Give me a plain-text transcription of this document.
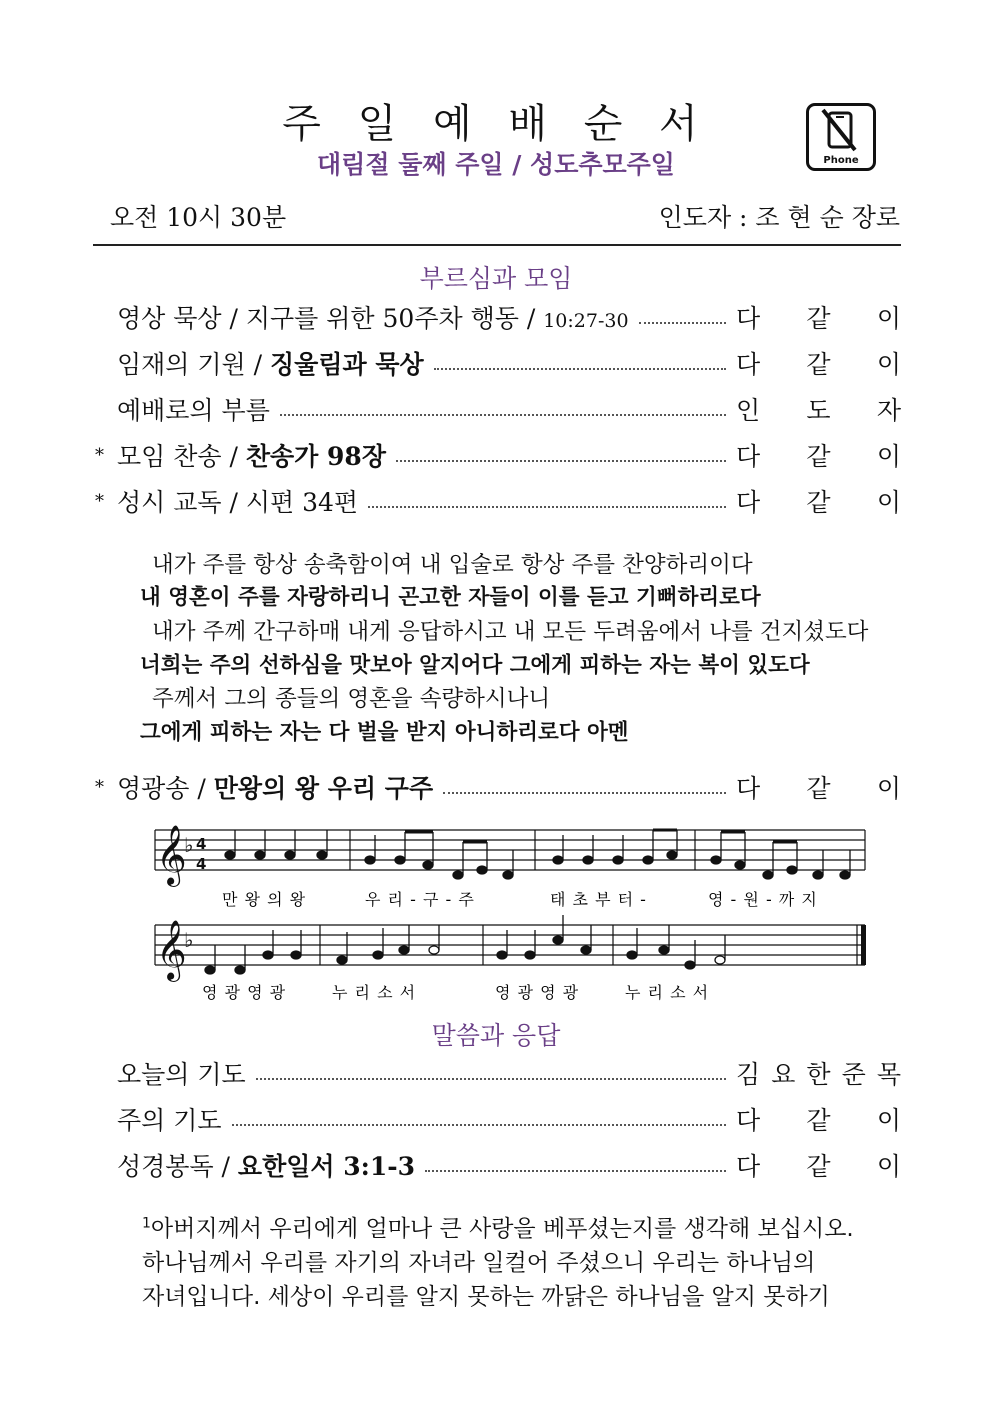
주 일 예 배 순 서
대림절 둘째 주일 / 성도추모주일	Phone
오전 10시 30분	인도자 : 조 현 순 장로
부르심과 모임
영상 묵상 / 지구를 위한 50주차 행동 / 10:27-30	다 같 이
임재의 기원 / 징울림과 묵상	다 같 이
예배로의 부름	인 도 자
* 모임 찬송 / 찬송가 98장	다 같 이
* 성시 교독 / 시편 34편	다 같 이
내가 주를 항상 송축함이여 내 입술로 항상 주를 찬양하리이다
내 영혼이 주를 자랑하리니 곤고한 자들이 이를 듣고 기뻐하리로다
내가 주께 간구하매 내게 응답하시고 내 모든 두려움에서 나를 건지셨도다
너희는 주의 선하심을 맛보아 알지어다 그에게 피하는 자는 복이 있도다
주께서 그의 종들의 영혼을 속량하시나니
그에게 피하는 자는 다 벌을 받지 아니하리로다 아멘
* 영광송 / 만왕의 왕 우리 구주	다 같 이
𝄞
𝄞
♭
♭
4
4
만 왕 의 왕	우 리 - 구 - 주	태 초 부 터 -	영 - 원 - 까 지
영 광 영 광	누 리 소 서	영 광 영 광	누 리 소 서
말씀과 응답
오늘의 기도	김 요 한 준 목
주의 기도	다 같 이
성경봉독 / 요한일서 3:1-3	다 같 이
$^1$아버지께서 우리에게 얼마나 큰 사랑을 베푸셨는지를 생각해 보십시오.
하나님께서 우리를 자기의 자녀라 일컬어 주셨으니 우리는 하나님의
자녀입니다. 세상이 우리를 알지 못하는 까닭은 하나님을 알지 못하기
